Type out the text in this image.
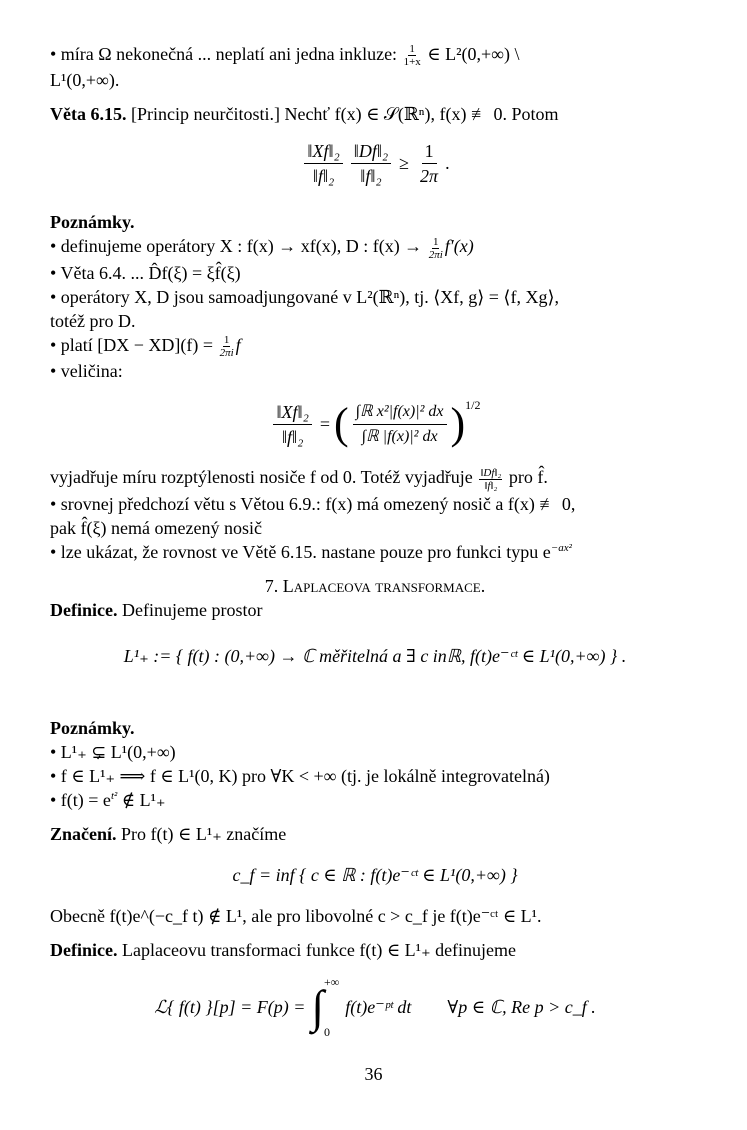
• míra Ω nekonečná ... neplatí ani jedna inkluze: $\frac{1}{1+x}$ ∈ L²(0,+∞) \
L¹(0,+∞).
Věta 6.15. [Princip neurčitosti.] Nechť f(x) ∈ 𝒮(ℝⁿ), f(x) ≢ 0. Potom
$\frac{\text{‖Xf‖₂}}{\text{‖f‖₂}} \frac{\text{‖Df‖₂}}{\text{‖f‖₂}} \ge \frac{1}{2\pi}$ .
Poznámky.
• definujeme operátory X : f(x) → xf(x), D : $f(x) \to \frac{1}{2\pi i} f'(x)$
• Věta 6.4. ... D̂f(ξ) = ξf̂(ξ)
• operátory X, D jsou samoadjungované v L²(ℝⁿ), tj. ⟨Xf, g⟩ = ⟨f, Xg⟩,
totéž pro D.
• platí $[DX - XD](f) = \frac{1}{2\pi i}$ f
• veličina:
$\frac{\text{‖Xf‖₂}}{\text{‖f‖₂}}$ = ( $\frac{\text{∫ℝ x²|f(x)|² dx}}{\text{∫ℝ |f(x)|² dx}}$ ) 1/2
vyjadřuje míru rozptýlenosti nosiče f od 0. Totéž vyjadřuje $\frac{\text{‖Df‖₂}}{\text{‖f‖₂}}$ pro f̂.
• srovnej předchozí větu s Větou 6.9.: f(x) má omezený nosič a f(x) ≢ 0,
pak f̂(ξ) nemá omezený nosič
• lze ukázat, že rovnost ve Větě 6.15. nastane pouze pro funkci typu $e^{-ax^2}$
7. Laplaceova transformace.
Definice. Definujeme prostor
L¹₊ := { f(t) : (0,+∞) → ℂ měřitelná a ∃ c inℝ, f(t)e⁻ᶜᵗ ∈ L¹(0,+∞) } .
Poznámky.
• L¹₊ ⊊ L¹(0,+∞)
• f ∈ L¹₊ ⟹ f ∈ L¹(0, K) pro ∀K < +∞ (tj. je lokálně integrovatelná)
• $f(t) = e^{t^2}$ ∉ L¹₊
Značení. Pro f(t) ∈ L¹₊ značíme
c_f = inf { c ∈ ℝ : f(t)e⁻ᶜᵗ ∈ L¹(0,+∞) }
Obecně f(t)e^(−c_f t) ∉ L¹, ale pro libovolné c > c_f je f(t)e⁻ᶜᵗ ∈ L¹.
Definice. Laplaceovu transformaci funkce f(t) ∈ L¹₊ definujeme
ℒ{ f(t) }[p] = F(p) = ∫ +∞
0
f(t)e⁻ᵖᵗ dt ∀p ∈ ℂ, Re p > c_f .
36
